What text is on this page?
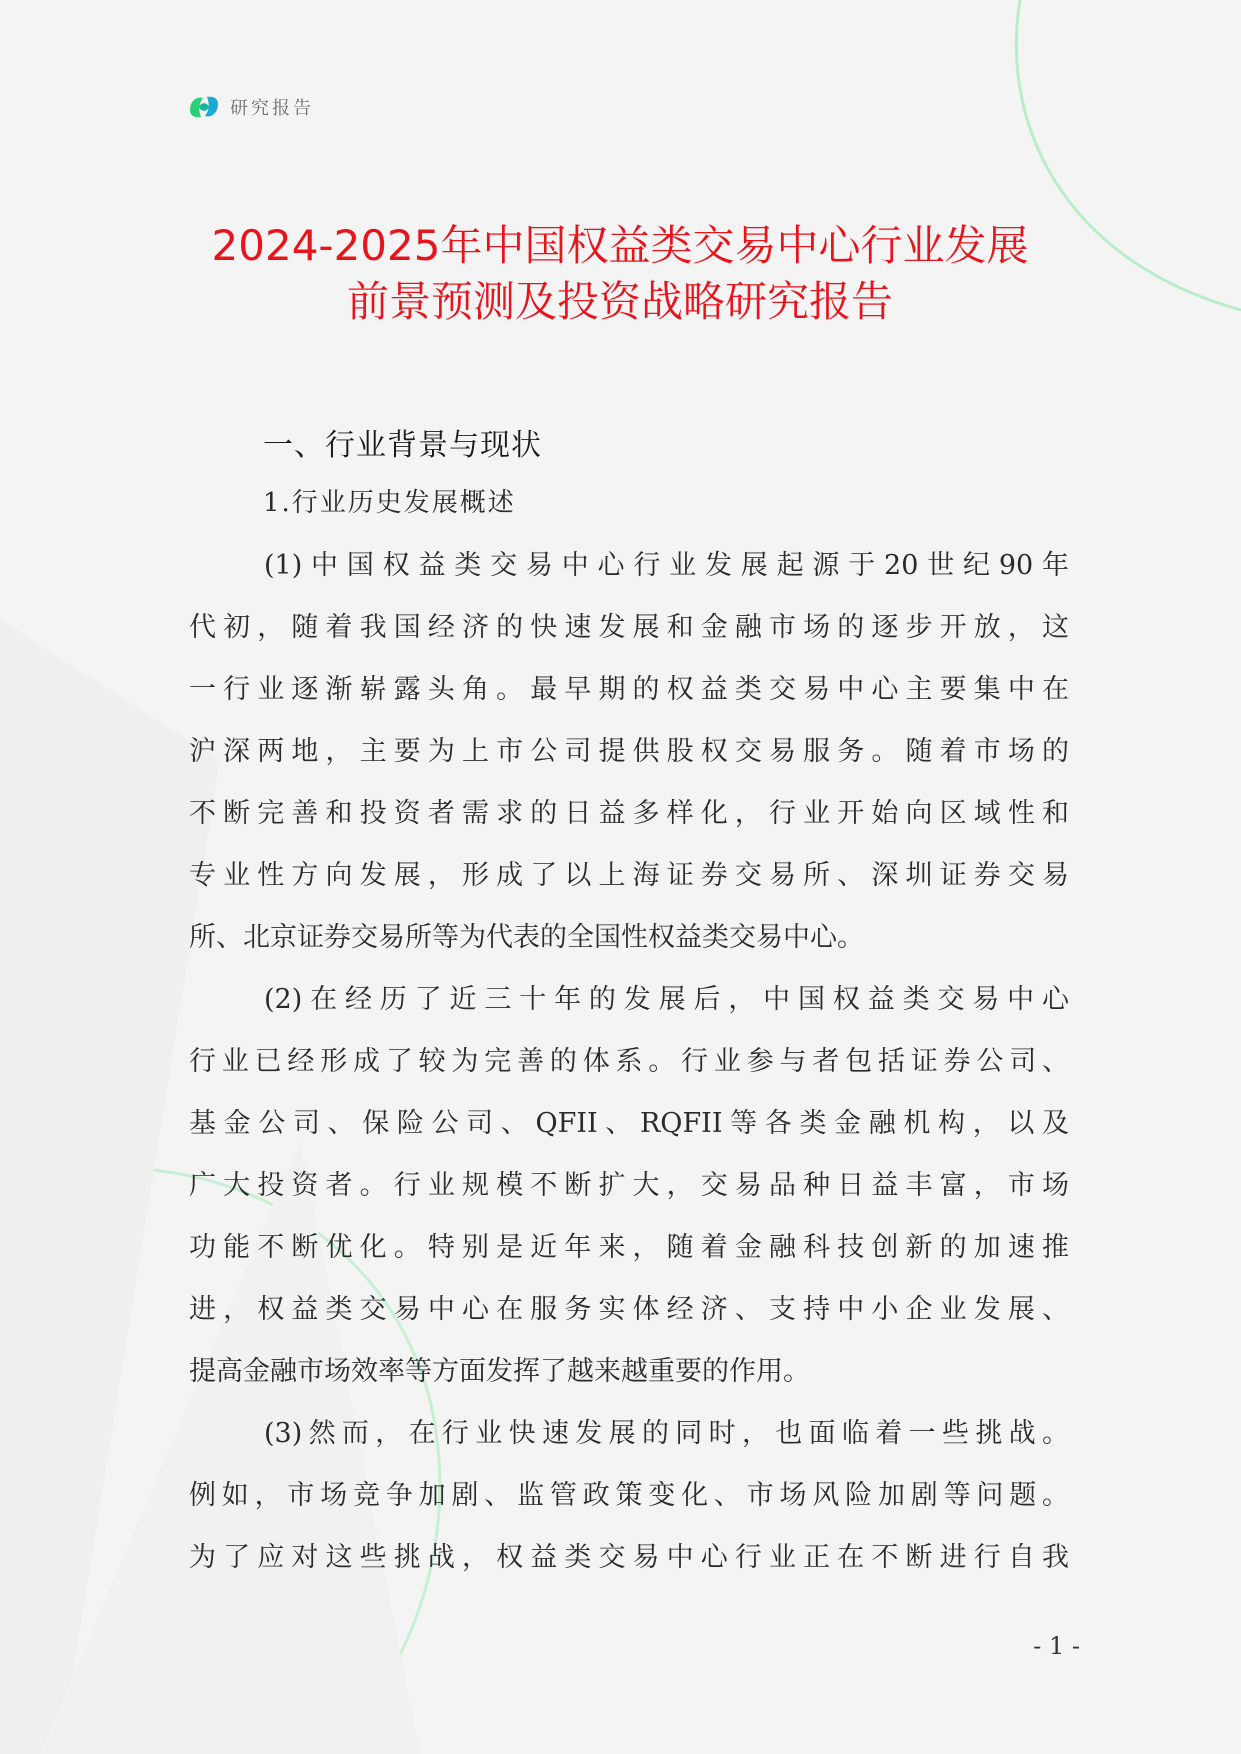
研究报告
2024-2025年中国权益类交易中心行业发展
前景预测及投资战略研究报告
一、行业背景与现状
1.行业历史发展概述
(1)中国权益类交易中心行业发展起源于20世纪90年
代初，随着我国经济的快速发展和金融市场的逐步开放，这
一行业逐渐崭露头角。最早期的权益类交易中心主要集中在
沪深两地，主要为上市公司提供股权交易服务。随着市场的
不断完善和投资者需求的日益多样化，行业开始向区域性和
专业性方向发展，形成了以上海证券交易所、深圳证券交易
所、北京证券交易所等为代表的全国性权益类交易中心。
(2)在经历了近三十年的发展后，中国权益类交易中心
行业已经形成了较为完善的体系。行业参与者包括证券公司、
基金公司、保险公司、QFII、RQFII等各类金融机构，以及
广大投资者。行业规模不断扩大，交易品种日益丰富，市场
功能不断优化。特别是近年来，随着金融科技创新的加速推
进，权益类交易中心在服务实体经济、支持中小企业发展、
提高金融市场效率等方面发挥了越来越重要的作用。
(3)然而，在行业快速发展的同时，也面临着一些挑战。
例如，市场竞争加剧、监管政策变化、市场风险加剧等问题。
为了应对这些挑战，权益类交易中心行业正在不断进行自我
- 1 -
